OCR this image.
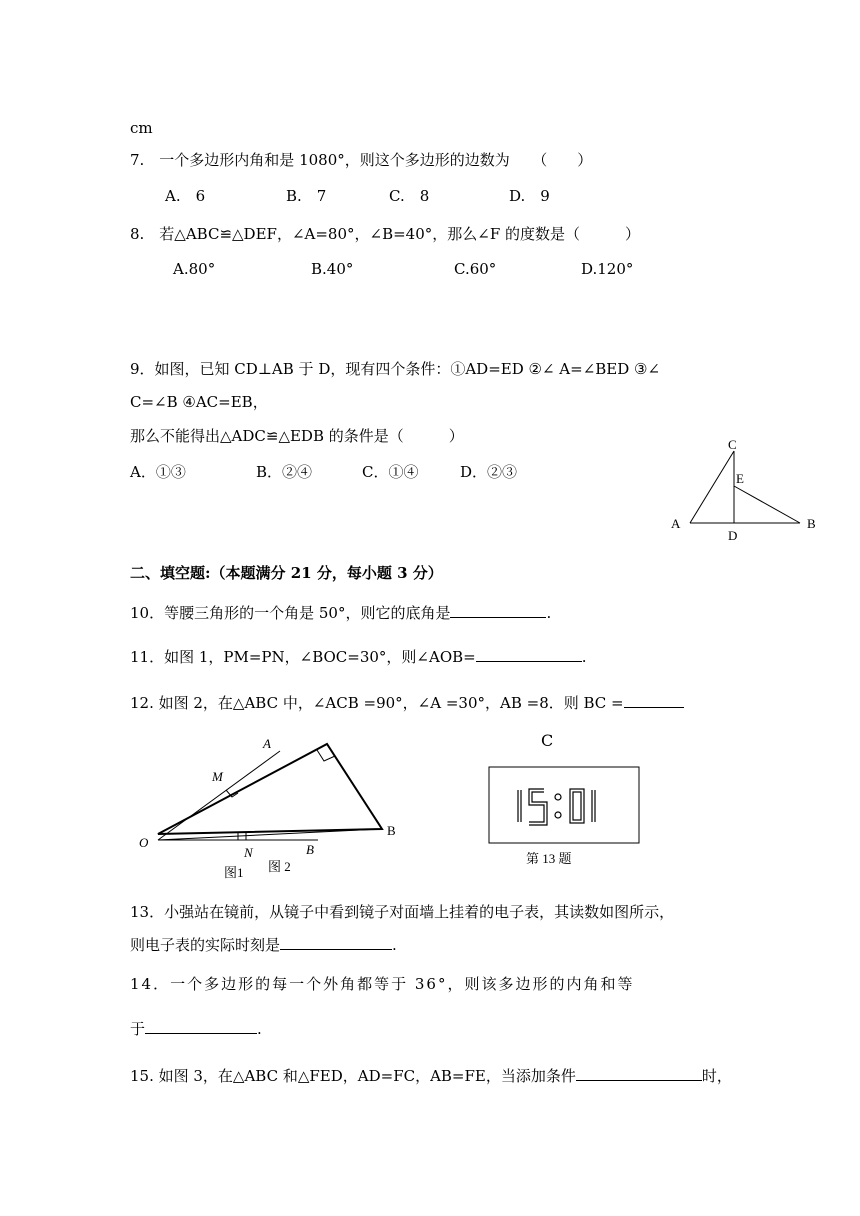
cm
7.　一个多边形内角和是 1080°，则这个多边形的边数为　　（　　）
A.　6	B.　7	C.　8	D.　9
8.　若△ABC≌△DEF，∠A=80°，∠B=40°，那么∠F 的度数是（　　　）
A.80°	B.40°	C.60°	D.120°
9．如图，已知 CD⊥AB 于 D，现有四个条件：①AD=ED ②∠ A=∠BED ③∠
C=∠B ④AC=EB，
那么不能得出△ADC≌△EDB 的条件是（　　　）
A．①③	B．②④	C．①④	D．②③
二、填空题:（本题满分 21 分，每小题 3 分）
10．等腰三角形的一个角是 50°，则它的底角是	.
11．如图 1，PM=PN，∠BOC=30°，则∠AOB=	.
12. 如图 2，在△ABC 中，∠ACB =90°，∠A =30°，AB =8．则 BC =
C
E
A
D
B
A
M
O
N	B
B
图1 图 2
C
第 13 题
13．小强站在镜前，从镜子中看到镜子对面墙上挂着的电子表，其读数如图所示，
则电子表的实际时刻是	.
14．一个多边形的每一个外角都等于 36°，则该多边形的内角和等
于	.
15. 如图 3，在△ABC 和△FED，AD=FC，AB=FE，当添加条件	时，
